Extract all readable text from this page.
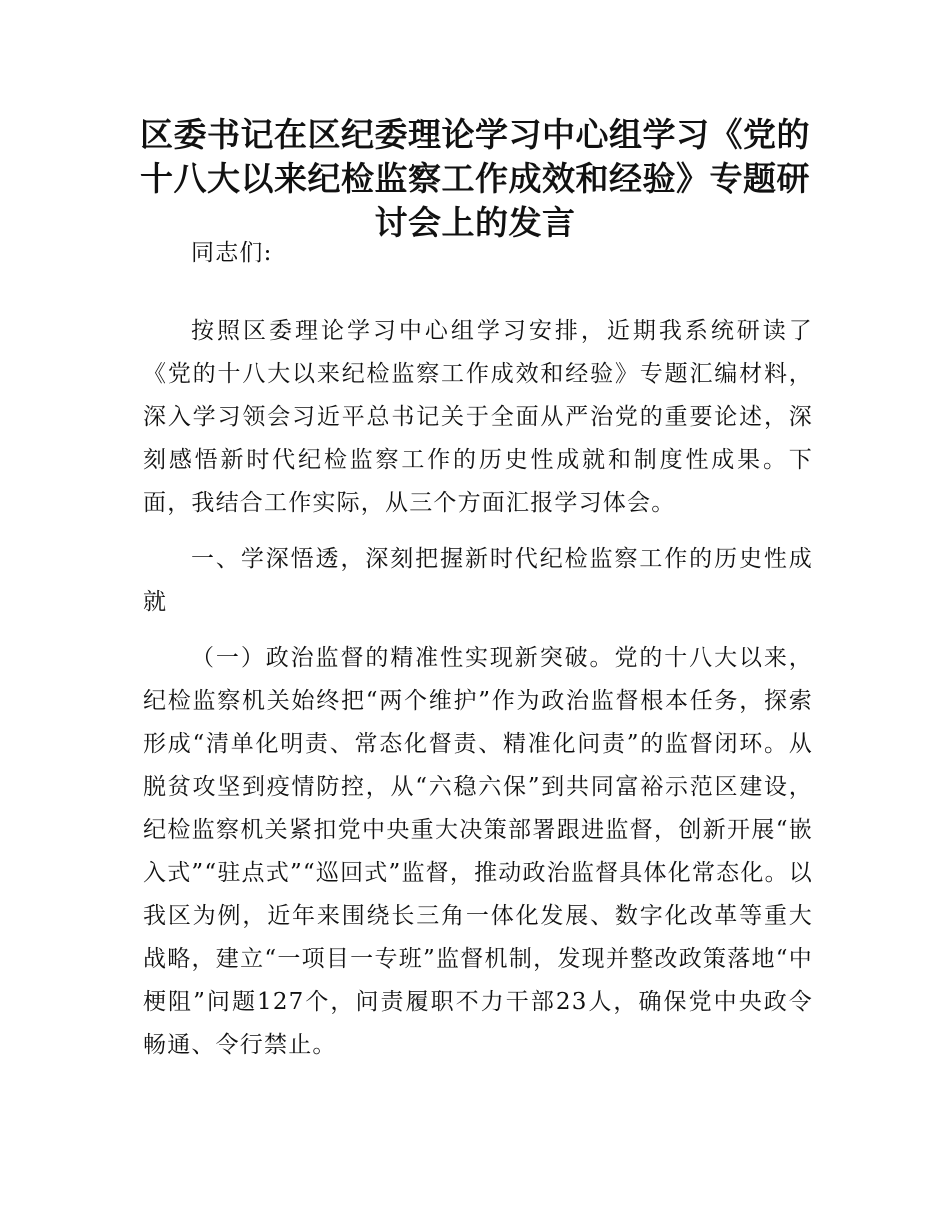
区委书记在区纪委理论学习中心组学习《党的十八大以来纪检监察工作成效和经验》专题研讨会上的发言

同志们:

按照区委理论学习中心组学习安排，近期我系统研读了《党的十八大以来纪检监察工作成效和经验》专题汇编材料，深入学习领会习近平总书记关于全面从严治党的重要论述，深刻感悟新时代纪检监察工作的历史性成就和制度性成果。下面，我结合工作实际，从三个方面汇报学习体会。

一、学深悟透，深刻把握新时代纪检监察工作的历史性成就

（一）政治监督的精准性实现新突破。党的十八大以来，纪检监察机关始终把“两个维护”作为政治监督根本任务，探索形成“清单化明责、常态化督责、精准化问责”的监督闭环。从脱贫攻坚到疫情防控，从“六稳六保”到共同富裕示范区建设，纪检监察机关紧扣党中央重大决策部署跟进监督，创新开展“嵌入式”“驻点式”“巡回式”监督，推动政治监督具体化常态化。以我区为例，近年来围绕长三角一体化发展、数字化改革等重大战略，建立“一项目一专班”监督机制，发现并整改政策落地“中梗阻”问题127个，问责履职不力干部23人，确保党中央政令畅通、令行禁止。
